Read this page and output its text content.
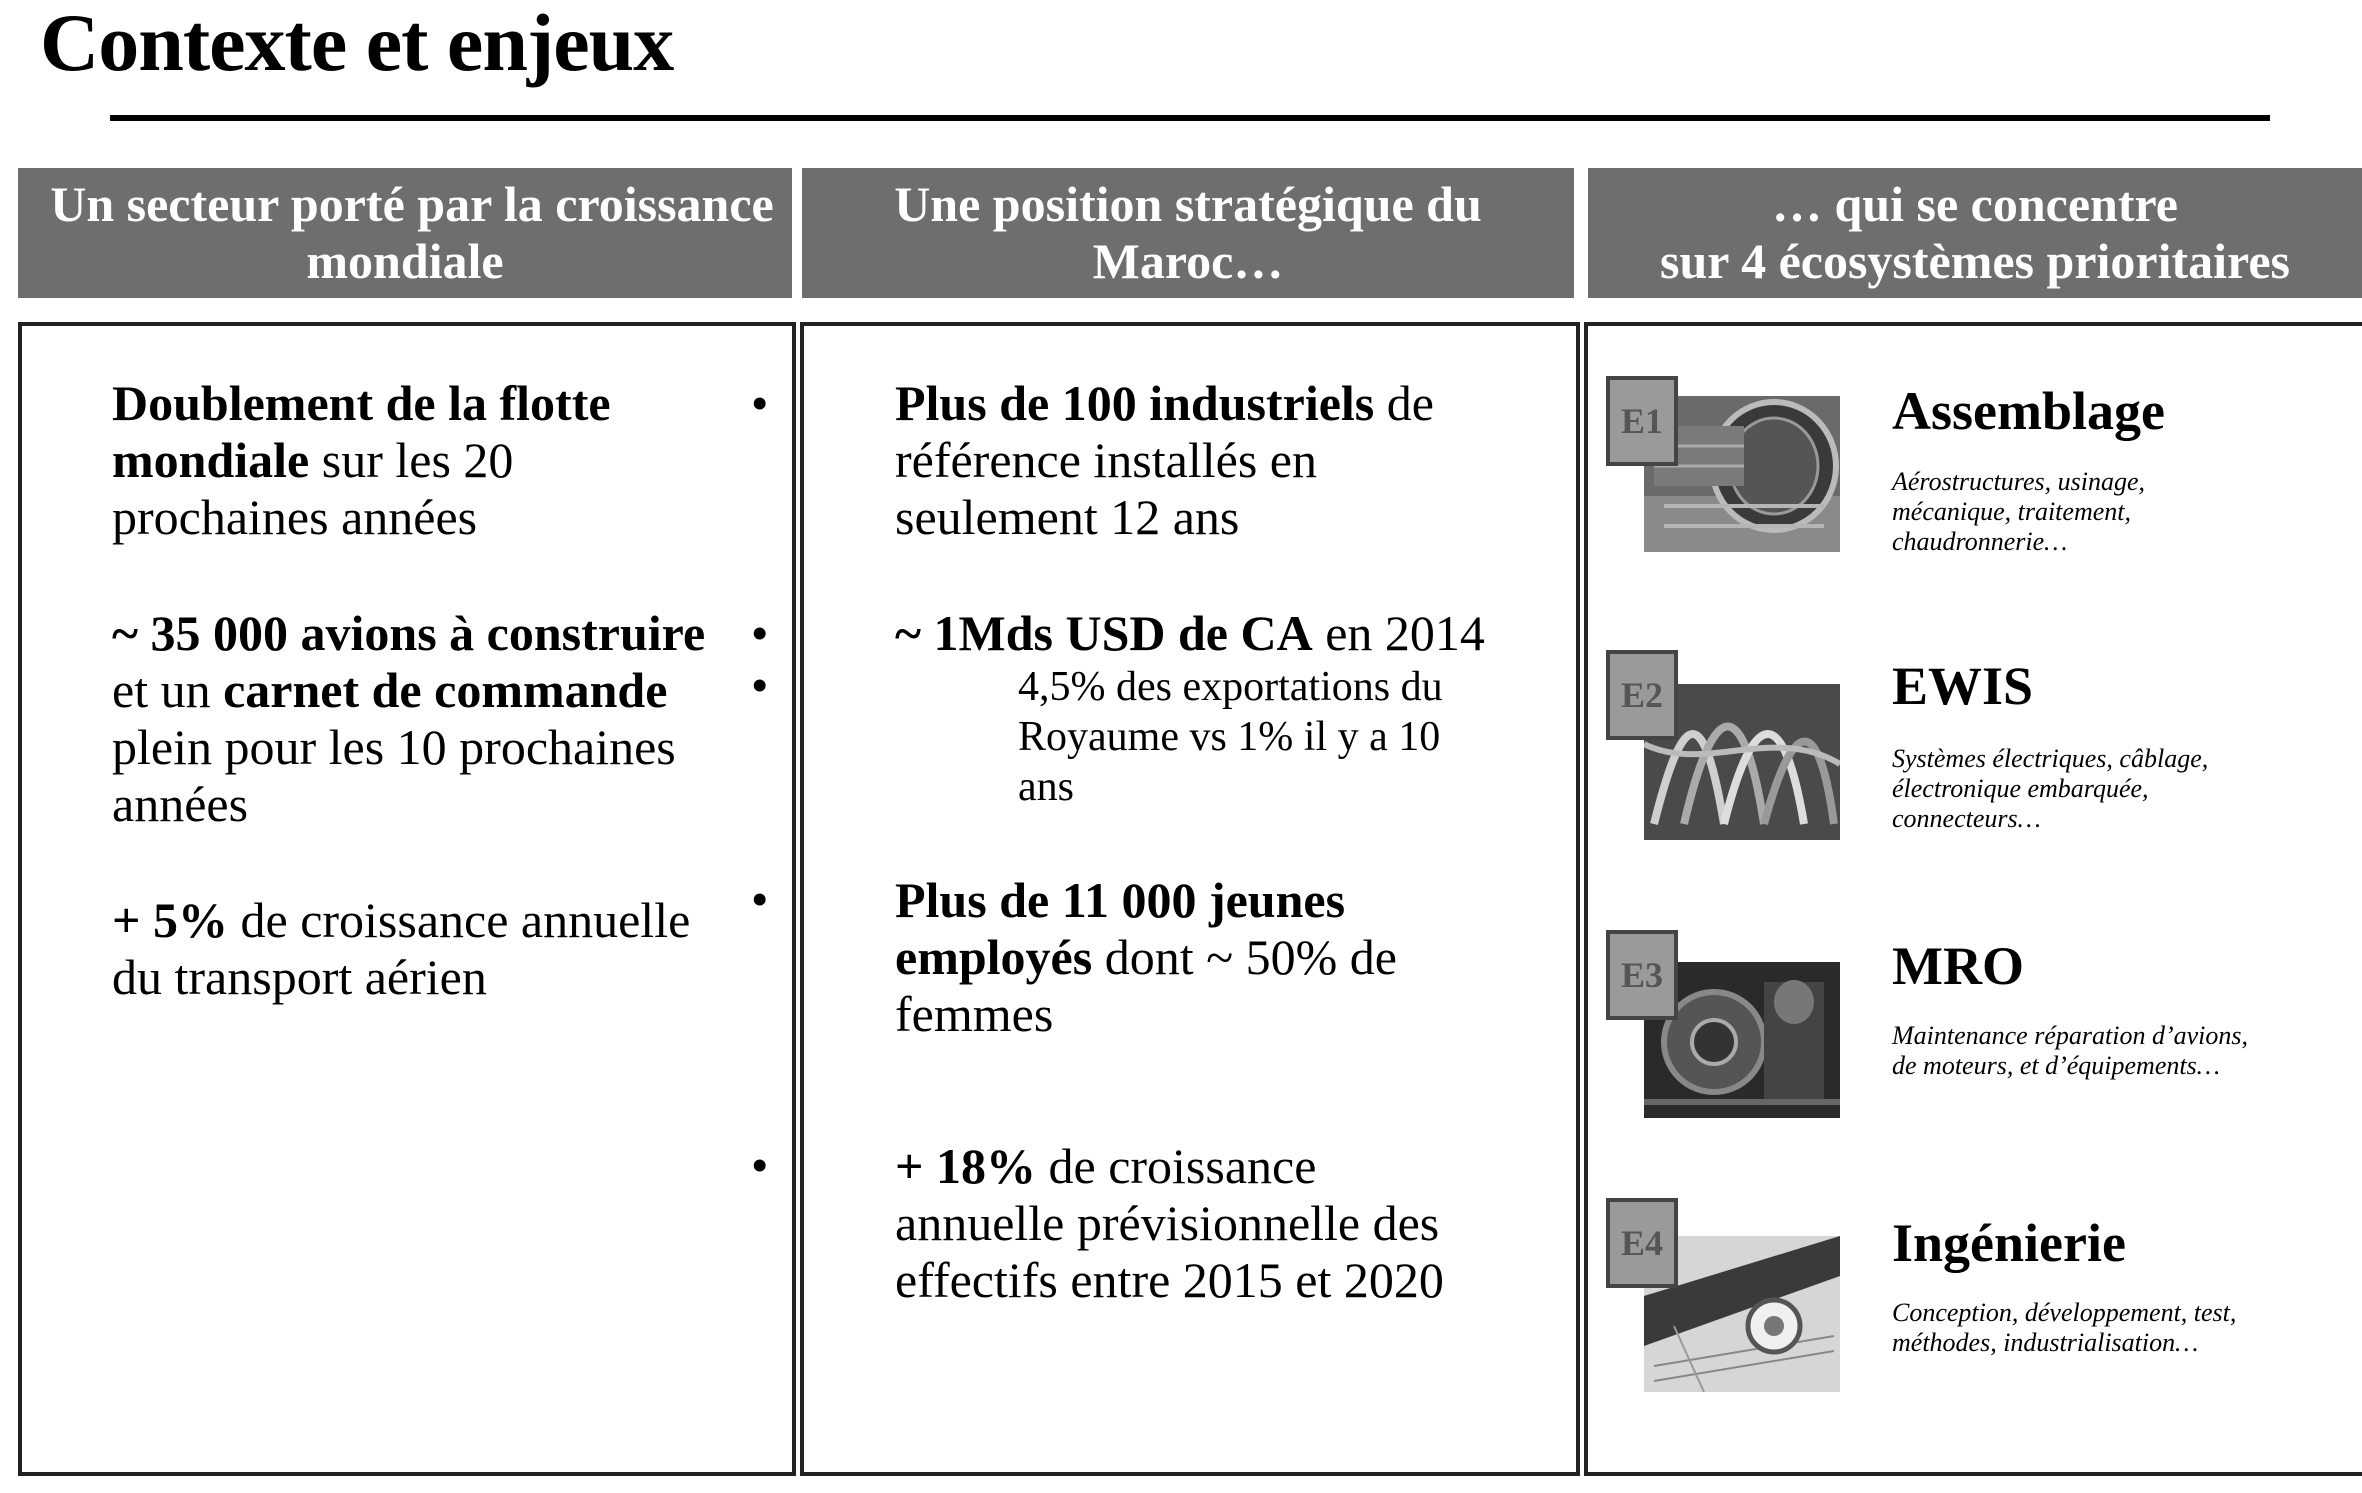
Contexte et enjeux
Un secteur porté par la croissance
mondiale
Une position stratégique du
Maroc…
… qui se concentre
sur 4 écosystèmes prioritaires
Doublement de la flotte
mondiale sur les 20
prochaines années
~ 35 000 avions à construire
et un carnet de commande
plein pour les 10 prochaines
années
+ 5% de croissance annuelle
du transport aérien
•
•
•
•
•
Plus de 100 industriels de
référence installés en
seulement 12 ans
~ 1Mds USD de CA en 2014
4,5% des exportations du
Royaume vs 1% il y a 10
ans
Plus de 11 000 jeunes
employés dont ~ 50% de
femmes
+ 18% de croissance
annuelle prévisionnelle des
effectifs entre 2015 et 2020
E1	Assemblage
Aérostructures, usinage,
mécanique, traitement,
chaudronnerie…
E2	EWIS
Systèmes électriques, câblage,
électronique embarquée,
connecteurs…
E3	MRO
Maintenance réparation d’avions,
de moteurs, et d’équipements…
E4	Ingénierie
Conception, développement, test,
méthodes, industrialisation…
